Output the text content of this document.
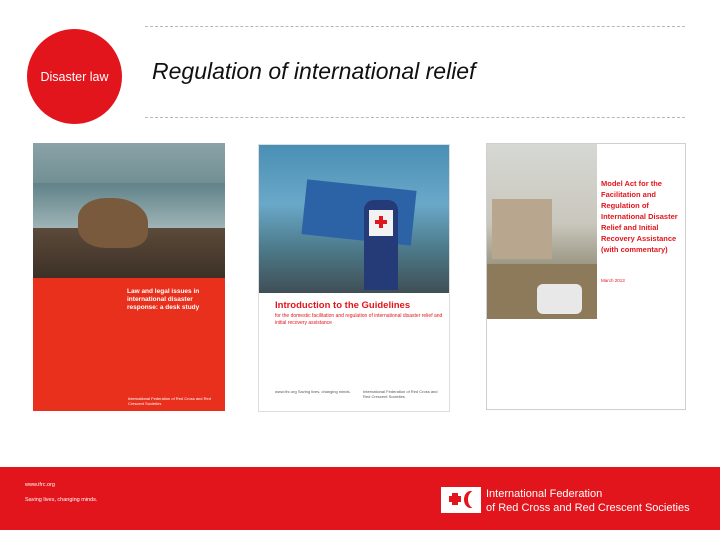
Disaster law Regulation of international relief
Law and legal issues in international disaster response: a desk study
International Federation of Red Cross and Red Crescent Societies
Introduction to the Guidelines
for the domestic facilitation and regulation of international disaster relief and initial recovery assistance
www.ifrc.org Saving lives, changing minds.	International Federation of Red Cross and Red Crescent Societies
Model Act for the Facilitation and Regulation of International Disaster Relief and Initial Recovery Assistance (with commentary)
March 2013
www.ifrc.org
Saving lives, changing minds.	International Federation
of Red Cross and Red Crescent Societies
